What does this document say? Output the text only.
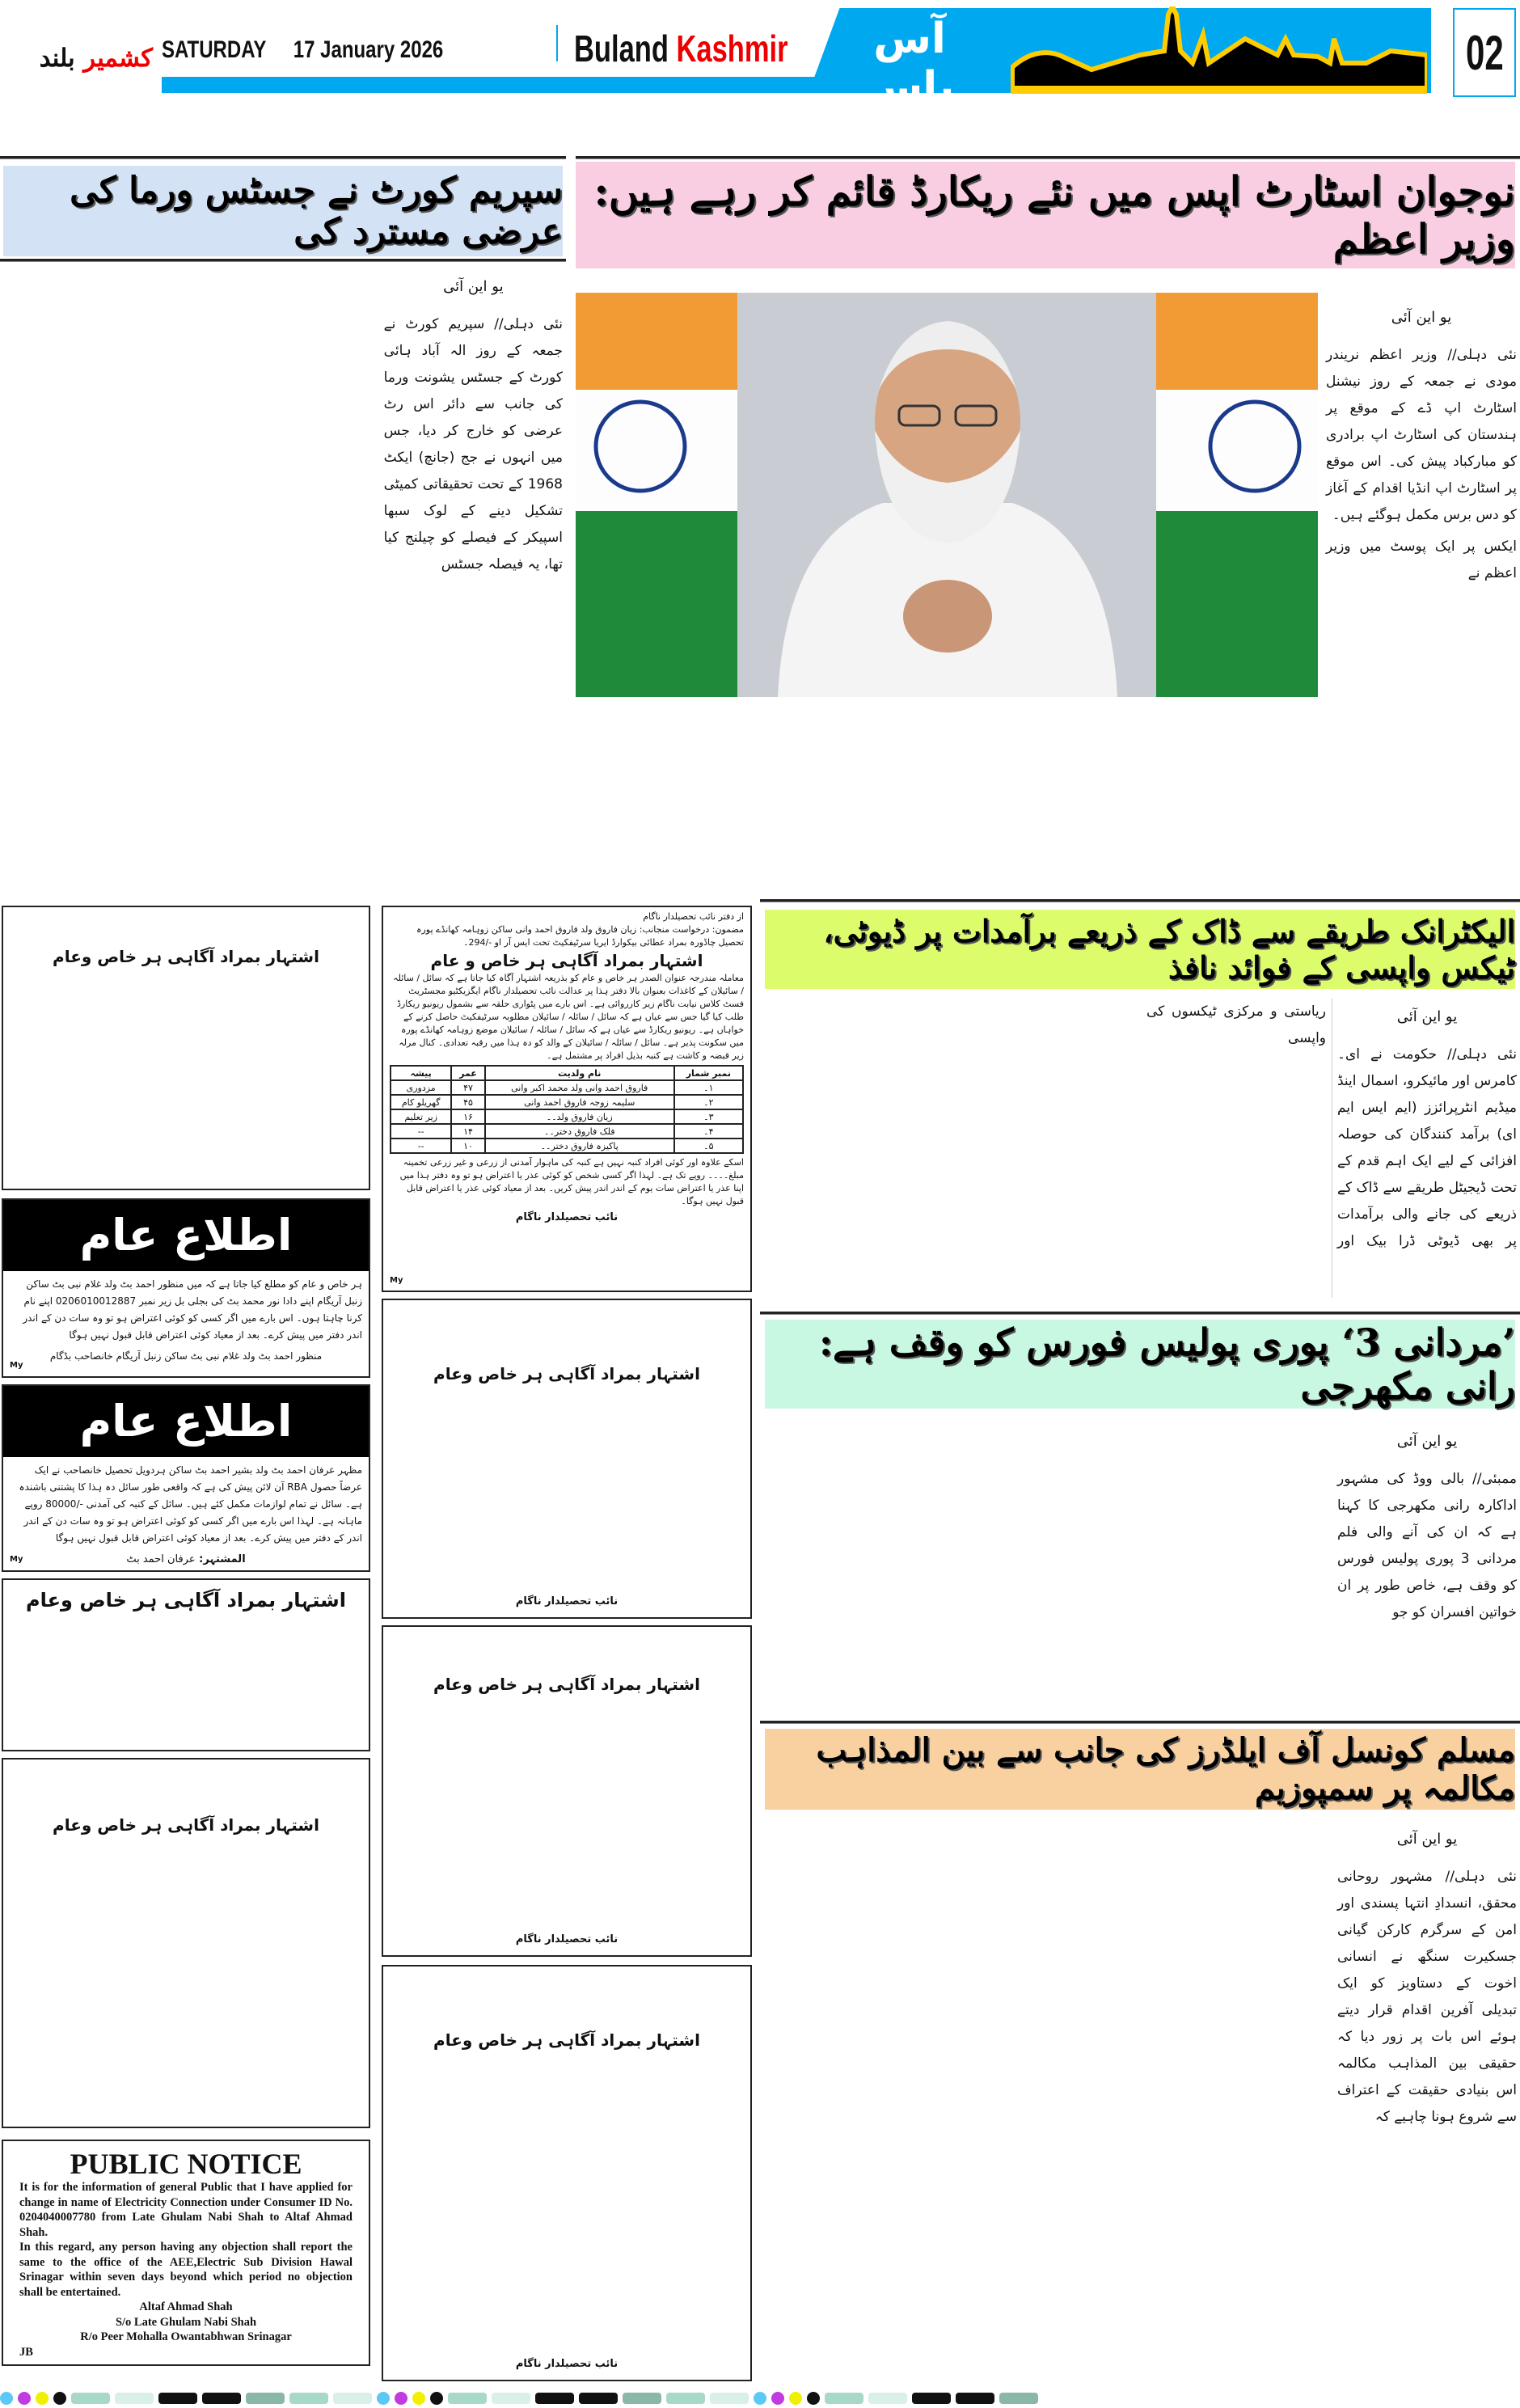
کشمیر بلند	SATURDAY 17 January 2026	Buland Kashmir	آس پاس
02
سپریم کورٹ نے جسٹس ورما کی عرضی مسترد کی
یو این آئی

نئی دہلی// سپریم کورٹ نے جمعہ کے روز الہ آباد ہائی کورٹ کے جسٹس یشونت ورما کی جانب سے دائر اس رٹ عرضی کو خارج کر دیا، جس میں انہوں نے جج (جانچ) ایکٹ 1968 کے تحت تحقیقاتی کمیٹی تشکیل دینے کے لوک سبھا اسپیکر کے فیصلے کو چیلنج کیا تھا، یہ فیصلہ جسٹس

نوجوان اسٹارٹ اپس میں نئے ریکارڈ قائم کر رہے ہیں: وزیر اعظم
یو این آئی

نئی دہلی// وزیر اعظم نریندر مودی نے جمعہ کے روز نیشنل اسٹارٹ اپ ڈے کے موقع پر ہندستان کی اسٹارٹ اپ برادری کو مبارکباد پیش کی۔ اس موقع پر اسٹارٹ اپ انڈیا اقدام کے آغاز کو دس برس مکمل ہوگئے ہیں۔

ایکس پر ایک پوسٹ میں وزیر اعظم نے

الیکٹرانک طریقے سے ڈاک کے ذریعے برآمدات پر ڈیوٹی، ٹیکس واپسی کے فوائد نافذ
یو این آئی

نئی دہلی// حکومت نے ای۔کامرس اور مائیکرو، اسمال اینڈ میڈیم انٹرپرائزز (ایم ایس ایم ای) برآمد کنندگان کی حوصلہ افزائی کے لیے ایک اہم قدم کے تحت ڈیجیٹل طریقے سے ڈاک کے ذریعے کی جانے والی برآمدات پر بھی ڈیوٹی ڈرا بیک اور ریاستی و مرکزی ٹیکسوں کی واپسی

’مردانی 3‘ پوری پولیس فورس کو وقف ہے: رانی مکھرجی
یو این آئی

ممبئی// بالی ووڈ کی مشہور اداکارہ رانی مکھرجی کا کہنا ہے کہ ان کی آنے والی فلم مردانی 3 پوری پولیس فورس کو وقف ہے، خاص طور پر ان خواتین افسران کو جو

مسلم کونسل آف ایلڈرز کی جانب سے بین المذاہب مکالمہ پر سمپوزیم
یو این آئی

نئی دہلی// مشہور روحانی محقق، انسدادِ انتہا پسندی اور امن کے سرگرم کارکن گیانی جسکیرت سنگھ نے انسانی اخوت کے دستاویز کو ایک تبدیلی آفرین اقدام قرار دیتے ہوئے اس بات پر زور دیا کہ حقیقی بین المذاہب مکالمہ اس بنیادی حقیقت کے اعتراف سے شروع ہونا چاہیے کہ

از دفتر نائب تحصیلدار ناگام
مضمون: درخواست منجانب: زیان فاروق ولد فاروق احمد وانی ساکن زوہامہ کھانڈے پورہ تحصیل چاڈورہ بمراد عطائی بیکوارڈ ایریا سرٹیفکیٹ تحت ایس آر او -/294۔
اشتہار بمراد آگاہی ہر خاص و عام
معاملہ مندرجہ عنوان الصدر ہر خاص و عام کو بذریعہ اشتہار آگاہ کیا جاتا ہے کہ سائل / سائلہ / سائیلان کے کاغذات بعنوان بالا دفتر ہذا پر عدالت نائب تحصیلدار ناگام ایگزیکٹیو مجسٹریٹ فسٹ کلاس نیابت ناگام زیر کارروائی ہے۔ اس بارے میں پٹواری حلقہ سے بشمول ریونیو ریکارڈ طلب کیا گیا جس سے عیاں ہے کہ سائل / سائلہ / سائیلان مطلوبہ سرٹیفکیٹ حاصل کرنے کے خواہاں ہے۔ ریونیو ریکارڈ سے عیاں ہے کہ سائل / سائلہ / سائیلان موضع زوہامہ کھانڈے پورہ میں سکونت پذیر ہے۔ سائل / سائلہ / سائیلان کے والد کو دہ ہذا میں رقبہ تعدادی۔ کنال مرلہ زیر قبضہ و کاشت ہے کنبہ بذیل افراد پر مشتمل ہے۔
نمبر شمار	نام ولدیت	عمر	پیشہ
۱۔	فاروق احمد وانی ولد محمد اکبر وانی	۴۷	مزدوری
۲۔	سلیمہ زوجہ فاروق احمد وانی	۴۵	گھریلو کام
۳۔	زیان فاروق ولد۔۔	۱۶	زیر تعلیم
۴۔	فلک فاروق دختر۔۔	۱۴	--
۵۔	پاکیزہ فاروق دختر۔۔	۱۰	--
اسکے علاوہ اور کوئی افراد کنبہ نہیں ہے کنبہ کی ماہوار آمدنی از زرعی و غیر زرعی تخمینہ مبلغ۔۔۔۔ روپے تک ہے۔ لہذا اگر کسی شخص کو کوئی عذر یا اعتراض ہو تو وہ دفتر ہذا میں اپنا عذر یا اعتراض سات یوم کے اندر اندر پیش کریں۔ بعد از معیاد کوئی عذر یا اعتراض قابل قبول نہیں ہوگا۔
نائب تحصیلدار ناگام
My
اشتہار بمراد آگاہی ہر خاص وعام
نائب تحصیلدار ناگام
اشتہار بمراد آگاہی ہر خاص وعام
نائب تحصیلدار ناگام
اشتہار بمراد آگاہی ہر خاص وعام
نائب تحصیلدار ناگام
اشتہار بمراد آگاہی ہر خاص وعام
اطلاع عام
ہر خاص و عام کو مطلع کیا جاتا ہے کہ میں منظور احمد بٹ ولد غلام نبی بٹ ساکن زنبل آریگام اپنے دادا نور محمد بٹ کی بجلی بل زیر نمبر 0206010012887 اپنے نام کرنا چاہتا ہوں۔ اس بارے میں اگر کسی کو کوئی اعتراض ہو تو وہ سات دن کے اندر اندر دفتر میں پیش کرے۔ بعد از معیاد کوئی اعتراض قابل قبول نہیں ہوگا
منظور احمد بٹ ولد غلام نبی بٹ ساکن زنبل آریگام خانصاحب بڈگام
My
اطلاع عام
مظہر عرفان احمد بٹ ولد بشیر احمد بٹ ساکن ہردویل تحصیل خانصاحب نے ایک عرضاً حصول RBA آن لائن پیش کی ہے کہ واقعی طور سائل دہ ہذا کا پشتنی باشندہ ہے۔ سائل نے تمام لوازمات مکمل کئے ہیں۔ سائل کے کنبہ کی آمدنی -/80000 روپے ماہانہ ہے۔ لہذا اس بارے میں اگر کسی کو کوئی اعتراض ہو تو وہ سات دن کے اندر اندر کے دفتر میں پیش کرے۔ بعد از معیاد کوئی اعتراض قابل قبول نہیں ہوگا
المشتہر: عرفان احمد بٹ
My
اشتہار بمراد آگاہی ہر خاص وعام
اشتہار بمراد آگاہی ہر خاص وعام
PUBLIC NOTICE
It is for the information of general Public that I have applied for change in name of Electricity Connection under Consumer ID No. 0204040007780 from Late Ghulam Nabi Shah to Altaf Ahmad Shah.
In this regard, any person having any objection shall report the same to the office of the AEE,Electric Sub Division Hawal Srinagar within seven days beyond which period no objection shall be entertained.
Altaf Ahmad Shah
S/o Late Ghulam Nabi Shah
R/o Peer Mohalla Owantabhwan Srinagar
JB
